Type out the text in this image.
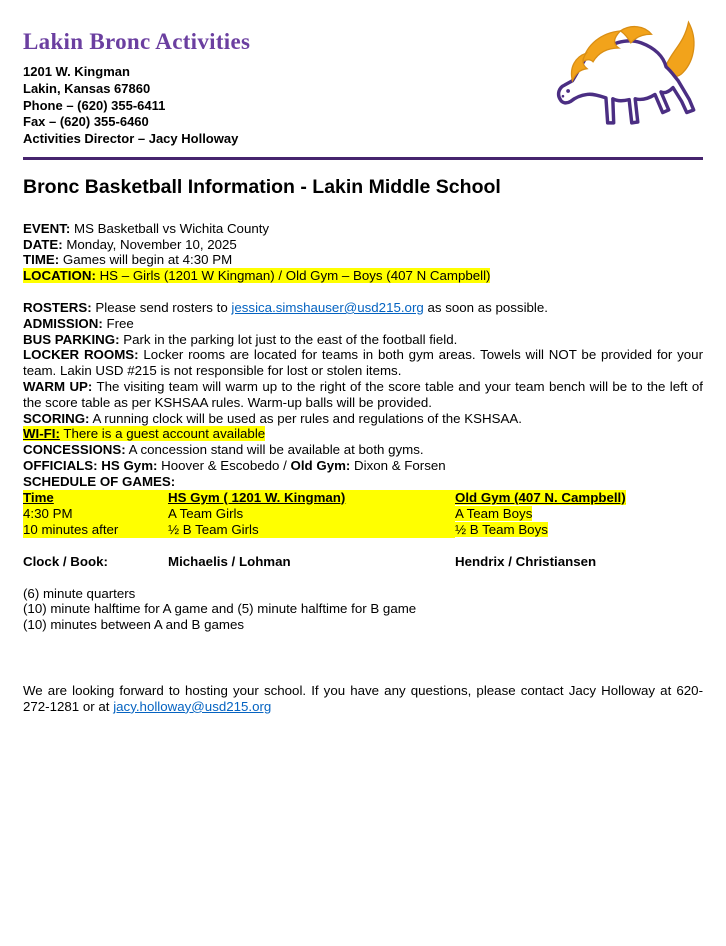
Lakin Bronc Activities
1201 W. Kingman
Lakin, Kansas 67860
Phone – (620) 355-6411
Fax – (620) 355-6460
Activities Director – Jacy Holloway
Bronc Basketball Information - Lakin Middle School

EVENT: MS Basketball vs Wichita County

DATE: Monday, November 10, 2025

TIME: Games will begin at 4:30 PM

LOCATION: HS – Girls (1201 W Kingman) / Old Gym – Boys (407 N Campbell)

ROSTERS: Please send rosters to jessica.simshauser@usd215.org as soon as possible.

ADMISSION: Free

BUS PARKING: Park in the parking lot just to the east of the football field.

LOCKER ROOMS: Locker rooms are located for teams in both gym areas. Towels will NOT be provided for your team. Lakin USD #215 is not responsible for lost or stolen items.

WARM UP: The visiting team will warm up to the right of the score table and your team bench will be to the left of the score table as per KSHSAA rules. Warm-up balls will be provided.

SCORING: A running clock will be used as per rules and regulations of the KSHSAA.

WI-FI: There is a guest account available

CONCESSIONS: A concession stand will be available at both gyms.

OFFICIALS: HS Gym: Hoover & Escobedo / Old Gym: Dixon & Forsen

SCHEDULE OF GAMES:

Time	HS Gym ( 1201 W. Kingman)	Old Gym (407 N. Campbell)
4:30 PM	A Team Girls	A Team Boys
10 minutes after	½ B Team Girls	½ B Team Boys
Clock / Book:	Michaelis / Lohman	Hendrix / Christiansen

(6) minute quarters

(10) minute halftime for A game and (5) minute halftime for B game

(10) minutes between A and B games

We are looking forward to hosting your school. If you have any questions, please contact Jacy Holloway at 620-272-1281 or at jacy.holloway@usd215.org
